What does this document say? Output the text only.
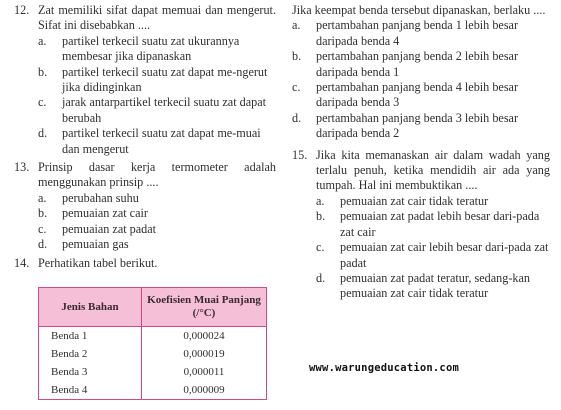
12. Zat memiliki sifat dapat memuai dan mengerut. Sifat ini disebabkan ....
a. partikel terkecil suatu zat ukurannya membesar jika dipanaskan
b. partikel terkecil suatu zat dapat me-ngerut jika didinginkan
c. jarak antarpartikel terkecil suatu zat dapat berubah
d. partikel terkecil suatu zat dapat me-muai dan mengerut
13. Prinsip dasar kerja termometer adalah menggunakan prinsip ....
a. perubahan suhu
b. pemuaian zat cair
c. pemuaian zat padat
d. pemuaian gas
14. Perhatikan tabel berikut.
Jenis Bahan	Koefisien Muai Panjang (/°C)
Benda 1	0,000024
Benda 2	0,000019
Benda 3	0,000011
Benda 4	0,000009
Jika keempat benda tersebut dipanaskan, berlaku ....
a. pertambahan panjang benda 1 lebih besar daripada benda 4
b. pertambahan panjang benda 2 lebih besar daripada benda 1
c. pertambahan panjang benda 4 lebih besar daripada benda 3
d. pertambahan panjang benda 3 lebih besar daripada benda 2
15. Jika kita memanaskan air dalam wadah yang terlalu penuh, ketika mendidih air ada yang tumpah. Hal ini membuktikan ....
a. pemuaian zat cair tidak teratur
b. pemuaian zat padat lebih besar dari-pada zat cair
c. pemuaian zat cair lebih besar dari-pada zat padat
d. pemuaian zat padat teratur, sedang-kan pemuaian zat cair tidak teratur
www.warungeducation.com
